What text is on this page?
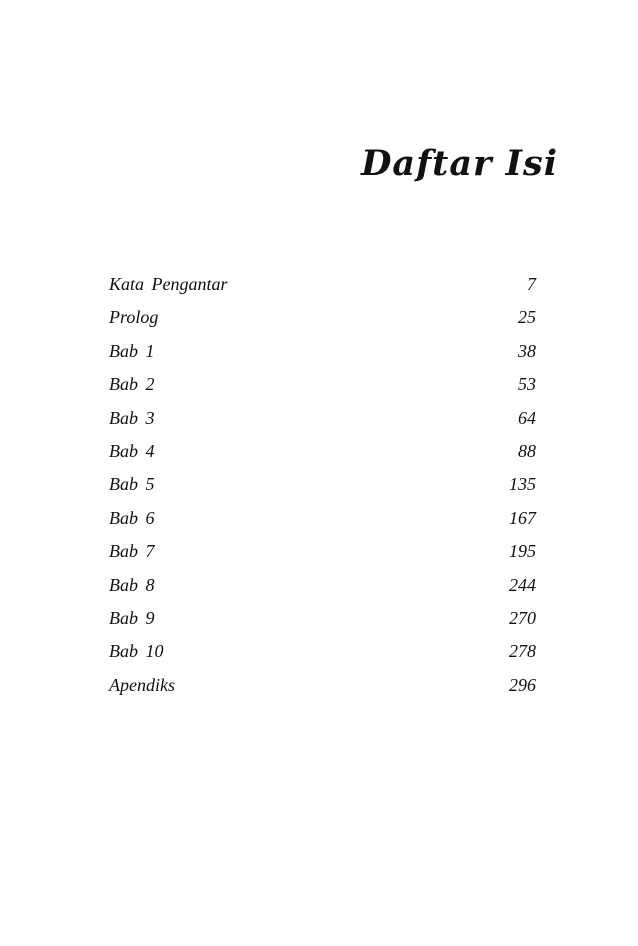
Daftar Isi
Kata Pengantar	7
Prolog	25
Bab 1	38
Bab 2	53
Bab 3	64
Bab 4	88
Bab 5	135
Bab 6	167
Bab 7	195
Bab 8	244
Bab 9	270
Bab 10	278
Apendiks	296
